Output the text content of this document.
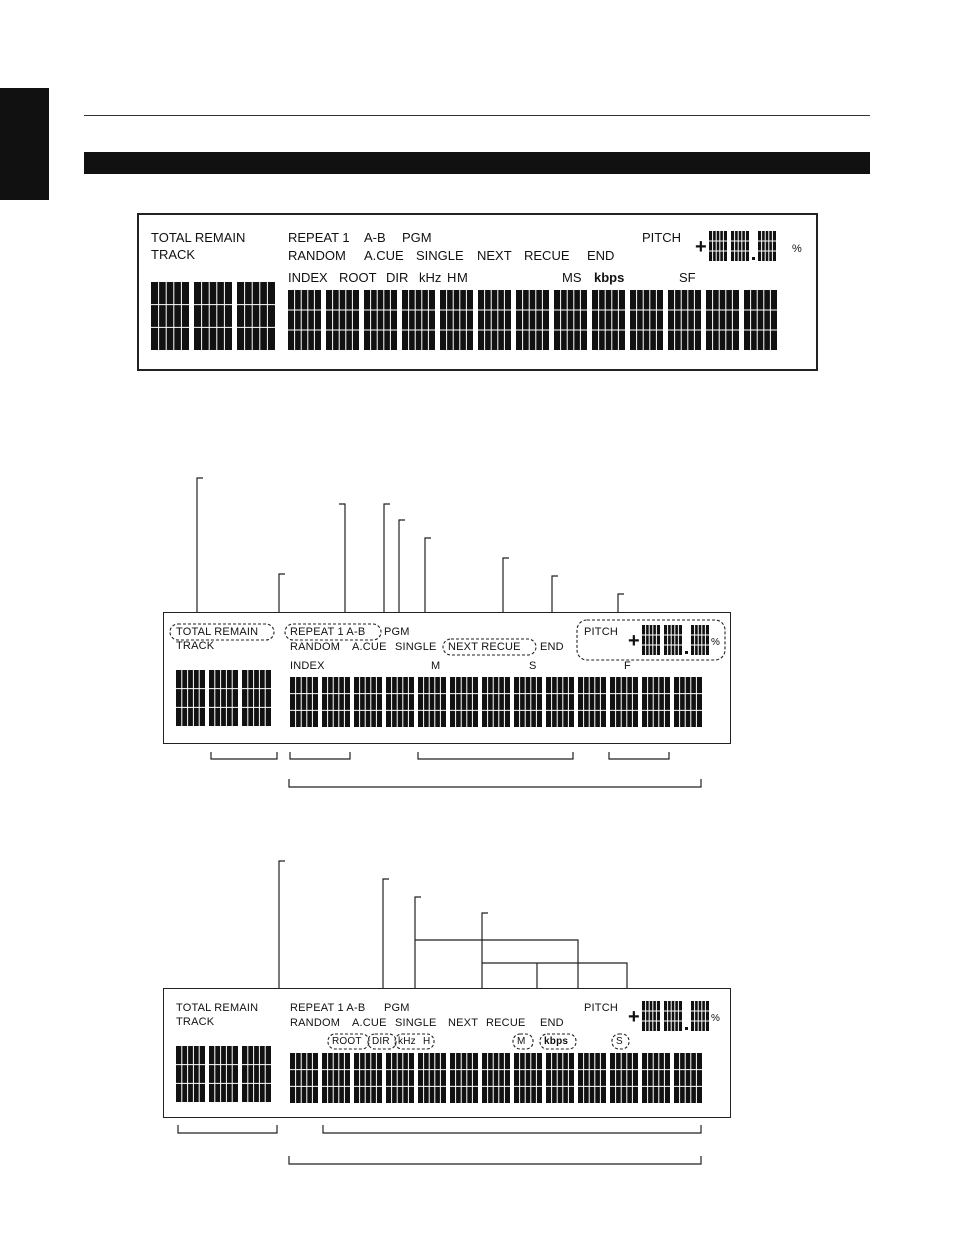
TOTAL REMAIN	REPEAT 1 A-B PGM	PITCH
%
TRACK	RANDOM A.CUE SINGLE NEXT RECUE END
INDEX ROOT DIR kHz H M	MS kbps	SF
+
TOTAL REMAIN	REPEAT 1 A-B PGM	PITCH
%
TRACK	RANDOM A.CUE SINGLE NEXT RECUE END
INDEX	M	S	F
+
TOTAL REMAIN	REPEAT 1 A-B PGM	PITCH
%
TRACK	RANDOM A.CUE SINGLE NEXT RECUE END
ROOT DIR kHz H	M kbps	S
+
